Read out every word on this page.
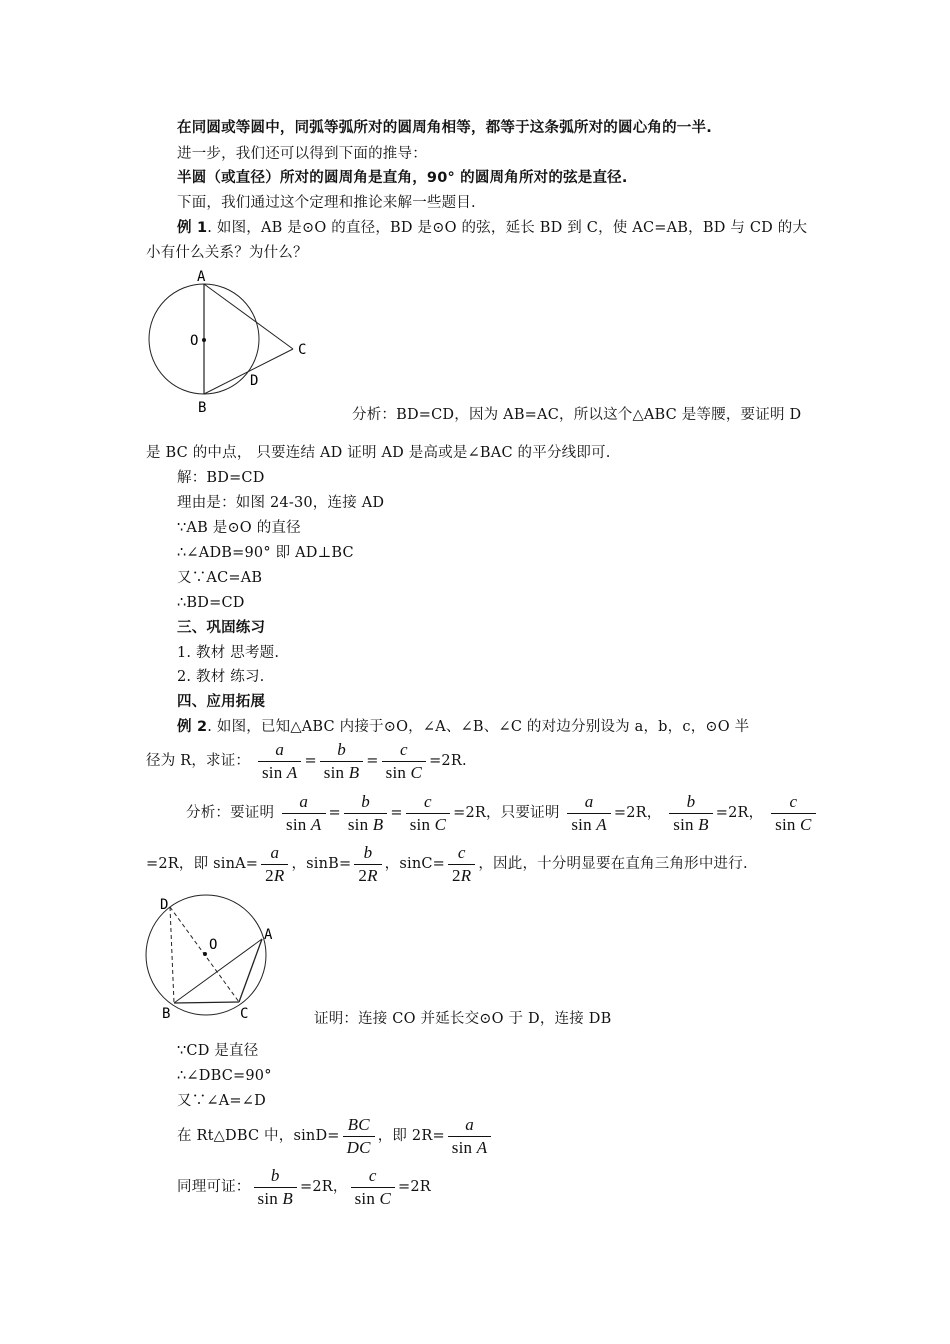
在同圆或等圆中，同弧等弧所对的圆周角相等，都等于这条弧所对的圆心角的一半.
进一步，我们还可以得到下面的推导：
半圆（或直径）所对的圆周角是直角，90° 的圆周角所对的弦是直径.
下面，我们通过这个定理和推论来解一些题目.
例 1. 如图，AB 是⊙O 的直径，BD 是⊙O 的弦，延长 BD 到 C，使 AC=AB，BD 与 CD 的大
小有什么关系？为什么？
A
O
C
D
B	分析：BD=CD，因为 AB=AC，所以这个△ABC 是等腰，要证明 D
是 BC 的中点， 只要连结 AD 证明 AD 是高或是∠BAC 的平分线即可.
解：BD=CD
理由是：如图 24-30，连接 AD
∵AB 是⊙O 的直径
∴∠ADB=90° 即 AD⊥BC
又∵AC=AB
∴BD=CD
三、巩固练习
1. 教材 思考题.
2. 教材 练习.
四、应用拓展
例 2. 如图，已知△ABC 内接于⊙O，∠A、∠B、∠C 的对边分别设为 a，b，c，⊙O 半
径为 R，求证： $\frac{a}{\text{sin A}} = \frac{b}{\text{sin B}} = \frac{c}{\text{sin C}} =2R$.
分析：要证明 $\frac{a}{\text{sin A}} = \frac{b}{\text{sin B}} = \frac{c}{\text{sin C}} =2R$，只要证明 $\frac{a}{\text{sin A}} =2R$， $\frac{b}{\text{sin B}} =2R$， $\frac{c}{\text{sin C}}$
=2R，即 $\sin A= \frac{a}{2R}$ ，$\sin B= \frac{b}{2R}$ ，$\sin C= \frac{c}{2R}$ ，因此，十分明显要在直角三角形中进行.
D
O
A
B	C	证明：连接 CO 并延长交⊙O 于 D，连接 DB
∵CD 是直径
∴∠DBC=90°
又∵∠A=∠D
在 Rt△DBC 中，$\sin D= \frac{BC}{DC}$ ，即 $2R= \frac{a}{\text{sin A}}$
同理可证： $\frac{b}{\text{sin B}} =2R$， $\frac{c}{\text{sin C}} =2R$
